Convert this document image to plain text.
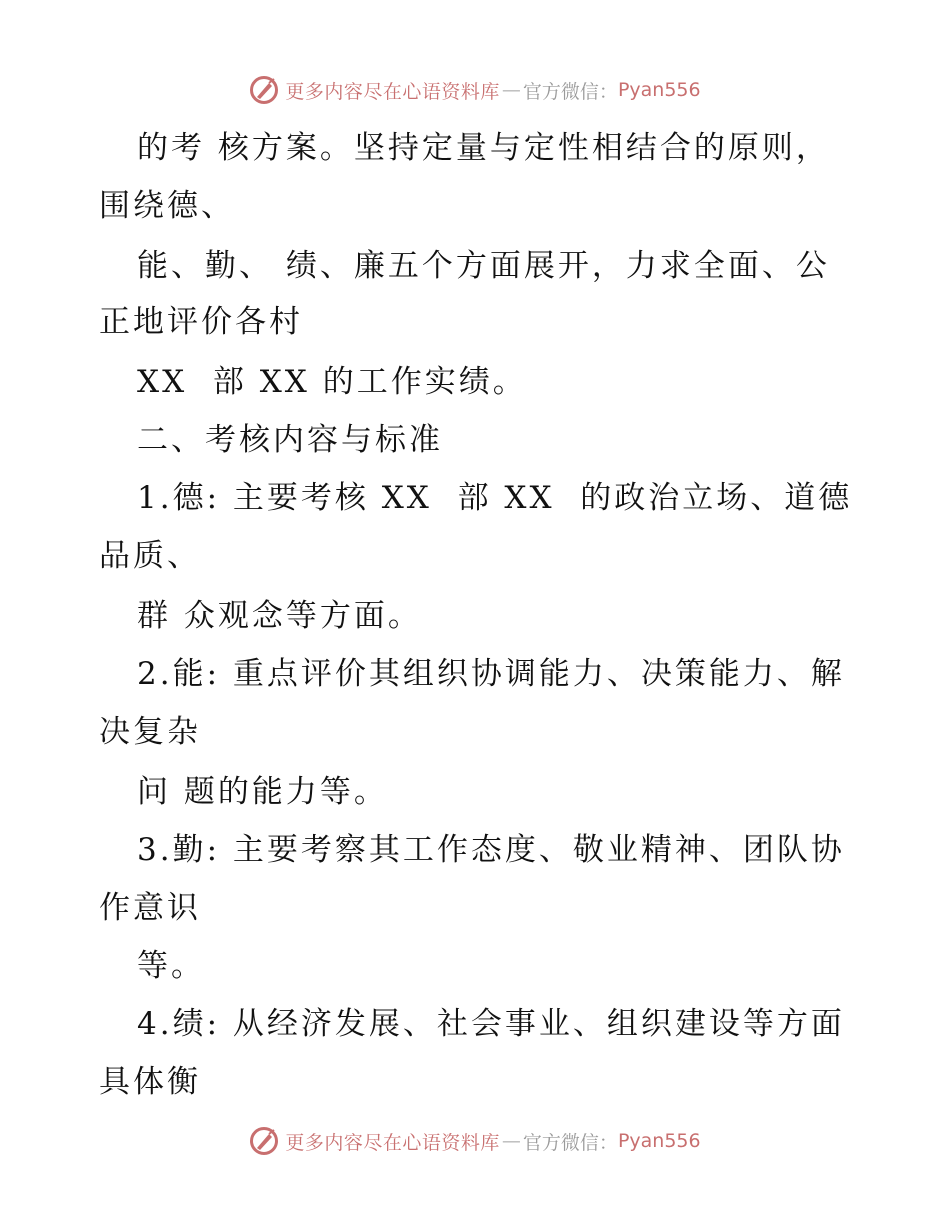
更多内容尽在心语资料库 — 官方微信： Pyan556
的考 核方案。坚持定量与定性相结合的原则，
围绕德、
能、勤、 绩、廉五个方面展开，力求全面、公
正地评价各村
XX  部 XX 的工作实绩。
二、考核内容与标准
1.德: 主要考核 XX  部 XX  的政治立场、道德
品质、
群 众观念等方面。
2.能: 重点评价其组织协调能力、决策能力、解
决复杂
问 题的能力等。
3.勤: 主要考察其工作态度、敬业精神、团队协
作意识
等。
4.绩: 从经济发展、社会事业、组织建设等方面
具体衡
更多内容尽在心语资料库 — 官方微信： Pyan556
